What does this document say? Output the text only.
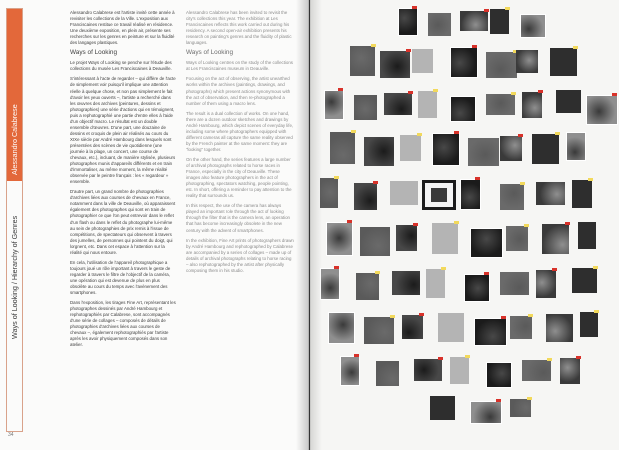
Alessandro Calabrese
Ways of Looking / Hierarchy of Genres

Alessandro Calabrese est l'artiste invité cette année à revisiter les collections de la Ville. L'exposition aux Franciscaines restitue ce travail réalisé en résidence. Une deuxième exposition, en plein air, présente ses recherches sur les genres en peinture et sur la fluidité des langages plastiques.

Ways of Looking

Le projet Ways of Looking se penche sur l'étude des collections du musée Les Franciscaines à Deauville.

S'intéressant à l'acte de regarder – qui diffère de l'acte de simplement voir puisqu'il implique une attention réelle à quelque chose, et non pas simplement le fait d'avoir les yeux ouverts –, l'artiste a recherché dans les œuvres des archives (peintures, dessins et photographies) une série d'actions qui en témoignent, puis a rephotographié une partie d'entre elles à l'aide d'un objectif macro. Le résultat est un double ensemble d'œuvres. D'une part, une douzaine de dessins et croquis de plein air réalisés au cours du XIXe siècle par André Hambourg dans lesquels sont présentées des scènes de vie quotidienne (une journée à la plage, un concert, une course de chevaux, etc.), incluant, de manière stylisée, plusieurs photographes munis d'appareils différents et en train d'immortaliser, au même moment, la même réalité observée par le peintre français : les « regardeur » ensemble.

D'autre part, un grand nombre de photographies d'archives liées aux courses de chevaux en France, notamment dans la ville de Deauville, où apparaissent également des photographes qui sont en train de photographier ce que l'on peut entrevoir dans le reflet d'un flash ou dans le reflet du photographe lui-même au sein de photographies de prix remis à l'issue de compétitions, de spectateurs qui observent à travers des jumelles, de personnes qui pointent du doigt, qui lorgnent, etc. Dans cet espace à l'attention sur la réalité qui nous entoure.

En cela, l'utilisation de l'appareil photographique a toujours joué un rôle important à travers le geste de regarder à travers le filtre de l'objectif de la caméra, une opération qui est devenue de plus en plus obsolète au cours du temps avec l'avènement des smartphones.

Dans l'exposition, les tirages Fine Art, représentant les photographes dessinés par André Hambourg et rephotographiés par Calabrese, sont accompagnés d'une série de collages – composés de détails de photographies d'archives liées aux courses de chevaux –, également rephotographiés par l'artiste après les avoir physiquement composés dans son atelier.

Alessandro Calabrese has been invited to revisit the city's collections this year. The exhibition at Les Franciscaines reflects this work carried out during his residency. A second open-air exhibition presents his research on painting's genres and the fluidity of plastic languages.

Ways of Looking

Ways of Looking centres on the study of the collections at Les Franciscaines museum in Deauville.

Focusing on the act of observing, the artist unearthed works within the archives (paintings, drawings, and photographs) which present actions synonymous with the act of observation, and then re-photographed a number of them using a macro lens.

The result is a dual collection of works. On one hand, there are a dozen outdoor sketches and drawings by André Hambourg, which depict scenes of everyday life, including some where photographers equipped with different cameras all capture the same reality observed by the French painter at the same moment: they are "looking" together.

On the other hand, the series features a large number of archival photographs related to horse races in France, especially in the city of Deauville. These images also feature photographers in the act of photographing, spectators watching, people pointing, etc. In short, offering a reminder to pay attention to the reality that surrounds us.

In this respect, the use of the camera has always played an important role through the act of looking through the filter that is the camera lens, an operation that has become increasingly obsolete in the new century with the advent of smartphones.

In the exhibition, Fine Art prints of photographers drawn by André Hambourg and rephotographed by Calabrese are accompanied by a series of collages – made up of details of archival photographs relating to horse racing – also rephotographed by the artist after physically composing them in his studio.

34
